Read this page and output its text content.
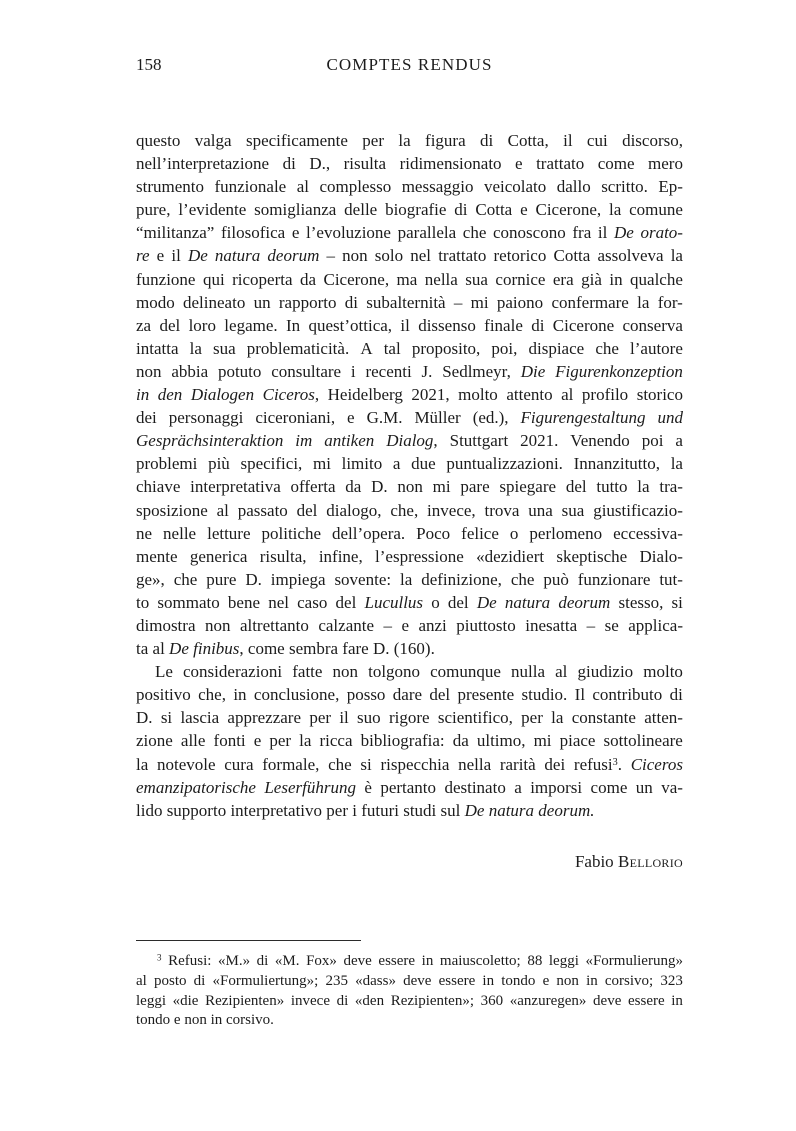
158	COMPTES RENDUS
questo valga specificamente per la figura di Cotta, il cui discorso,
nell’interpretazione di D., risulta ridimensionato e trattato come mero
strumento funzionale al complesso messaggio veicolato dallo scritto. Ep-
pure, l’evidente somiglianza delle biografie di Cotta e Cicerone, la comune
“militanza” filosofica e l’evoluzione parallela che conoscono fra il De orato-
re e il De natura deorum – non solo nel trattato retorico Cotta assolveva la
funzione qui ricoperta da Cicerone, ma nella sua cornice era già in qualche
modo delineato un rapporto di subalternità – mi paiono confermare la for-
za del loro legame. In quest’ottica, il dissenso finale di Cicerone conserva
intatta la sua problematicità. A tal proposito, poi, dispiace che l’autore
non abbia potuto consultare i recenti J. Sedlmeyr, Die Figurenkonzeption
in den Dialogen Ciceros, Heidelberg 2021, molto attento al profilo storico
dei personaggi ciceroniani, e G.M. Müller (ed.), Figurengestaltung und
Gesprächsinteraktion im antiken Dialog, Stuttgart 2021. Venendo poi a
problemi più specifici, mi limito a due puntualizzazioni. Innanzitutto, la
chiave interpretativa offerta da D. non mi pare spiegare del tutto la tra-
sposizione al passato del dialogo, che, invece, trova una sua giustificazio-
ne nelle letture politiche dell’opera. Poco felice o perlomeno eccessiva-
mente generica risulta, infine, l’espressione «dezidiert skeptische Dialo-
ge», che pure D. impiega sovente: la definizione, che può funzionare tut-
to sommato bene nel caso del Lucullus o del De natura deorum stesso, si
dimostra non altrettanto calzante – e anzi piuttosto inesatta – se applica-
ta al De finibus, come sembra fare D. (160).
Le considerazioni fatte non tolgono comunque nulla al giudizio molto
positivo che, in conclusione, posso dare del presente studio. Il contributo di
D. si lascia apprezzare per il suo rigore scientifico, per la constante atten-
zione alle fonti e per la ricca bibliografia: da ultimo, mi piace sottolineare
la notevole cura formale, che si rispecchia nella rarità dei refusi$^3$. Ciceros
emanzipatorische Leserführung è pertanto destinato a imporsi come un va-
lido supporto interpretativo per i futuri studi sul De natura deorum.
Fabio Bellorio
$^3$ Refusi: «M.» di «M. Fox» deve essere in maiuscoletto; 88 leggi «Formulierung»
al posto di «Formuliertung»; 235 «dass» deve essere in tondo e non in corsivo; 323
leggi «die Rezipienten» invece di «den Rezipienten»; 360 «anzuregen» deve essere in
tondo e non in corsivo.
